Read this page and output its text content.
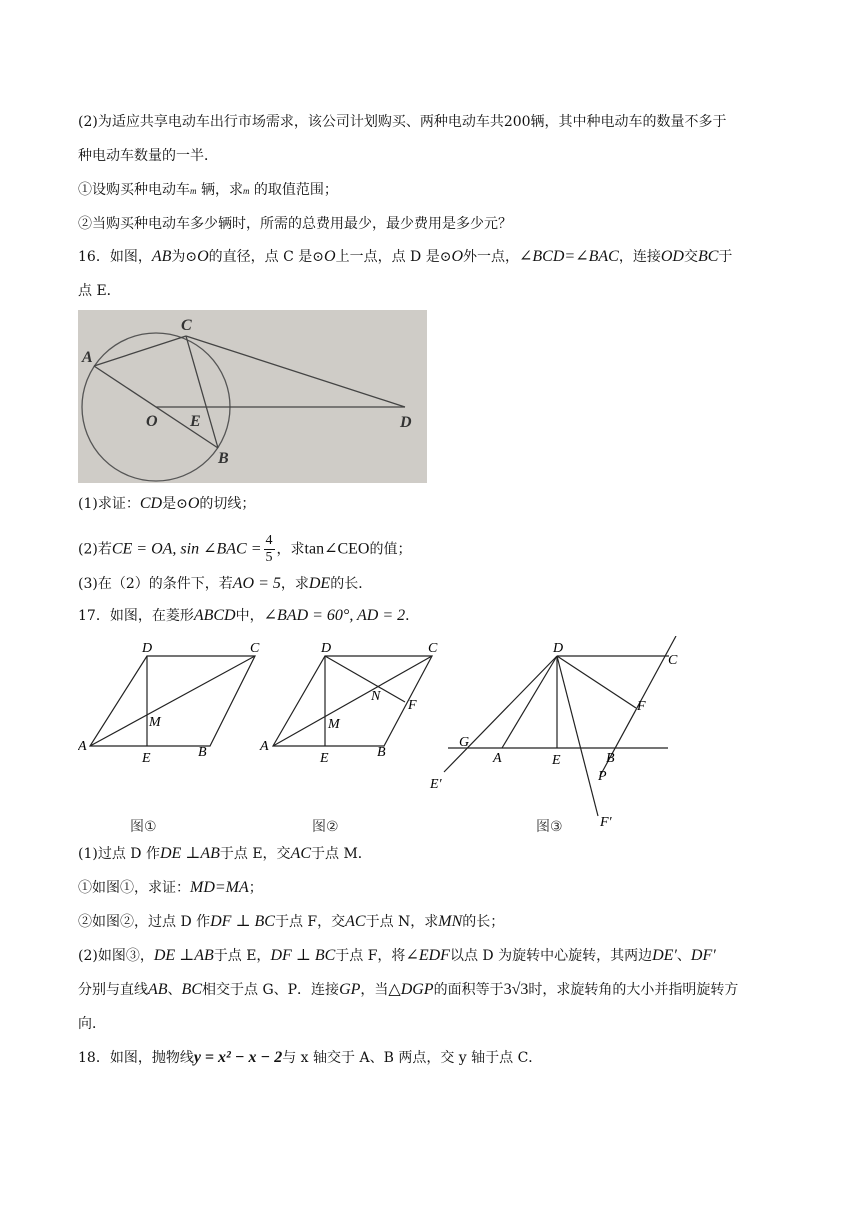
(2)为适应共享电动车出行市场需求，该公司计划购买、两种电动车共200辆，其中种电动车的数量不多于
种电动车数量的一半．
①设购买种电动车m 辆，求m 的取值范围；
②当购买种电动车多少辆时，所需的总费用最少，最少费用是多少元？
16．如图，AB为⊙O的直径，点 C 是⊙O上一点，点 D 是⊙O外一点，∠BCD=∠BAC，连接OD交BC于
点 E．
A
C
O E	D
B
(1)求证：CD是⊙O的切线；
(2)若CE = OA, sin ∠BAC = $\frac{4}{5}$ ，求tan∠CEO的值；
(3)在（2）的条件下，若AO = 5，求DE的长．
17．如图，在菱形ABCD中，∠BAD = 60°, AD = 2．
D	C
M
A
E	B
D	C
N
F
M
A
E	B
D
C
F
G
A	E	B
P
E′
F′
图①	图②	图③
(1)过点 D 作DE ⊥AB于点 E，交AC于点 M．
①如图①，求证：MD=MA；
②如图②，过点 D 作DF ⊥ BC于点 F，交AC于点 N，求MN的长；
(2)如图③，DE ⊥AB于点 E，DF ⊥ BC于点 F，将∠EDF以点 D 为旋转中心旋转，其两边DE′、DF′
分别与直线AB、BC相交于点 G、P．连接GP，当△DGP的面积等于3√3时，求旋转角的大小并指明旋转方
向．
18．如图，抛物线y = x² − x − 2与 x 轴交于 A、B 两点，交 y 轴于点 C．
